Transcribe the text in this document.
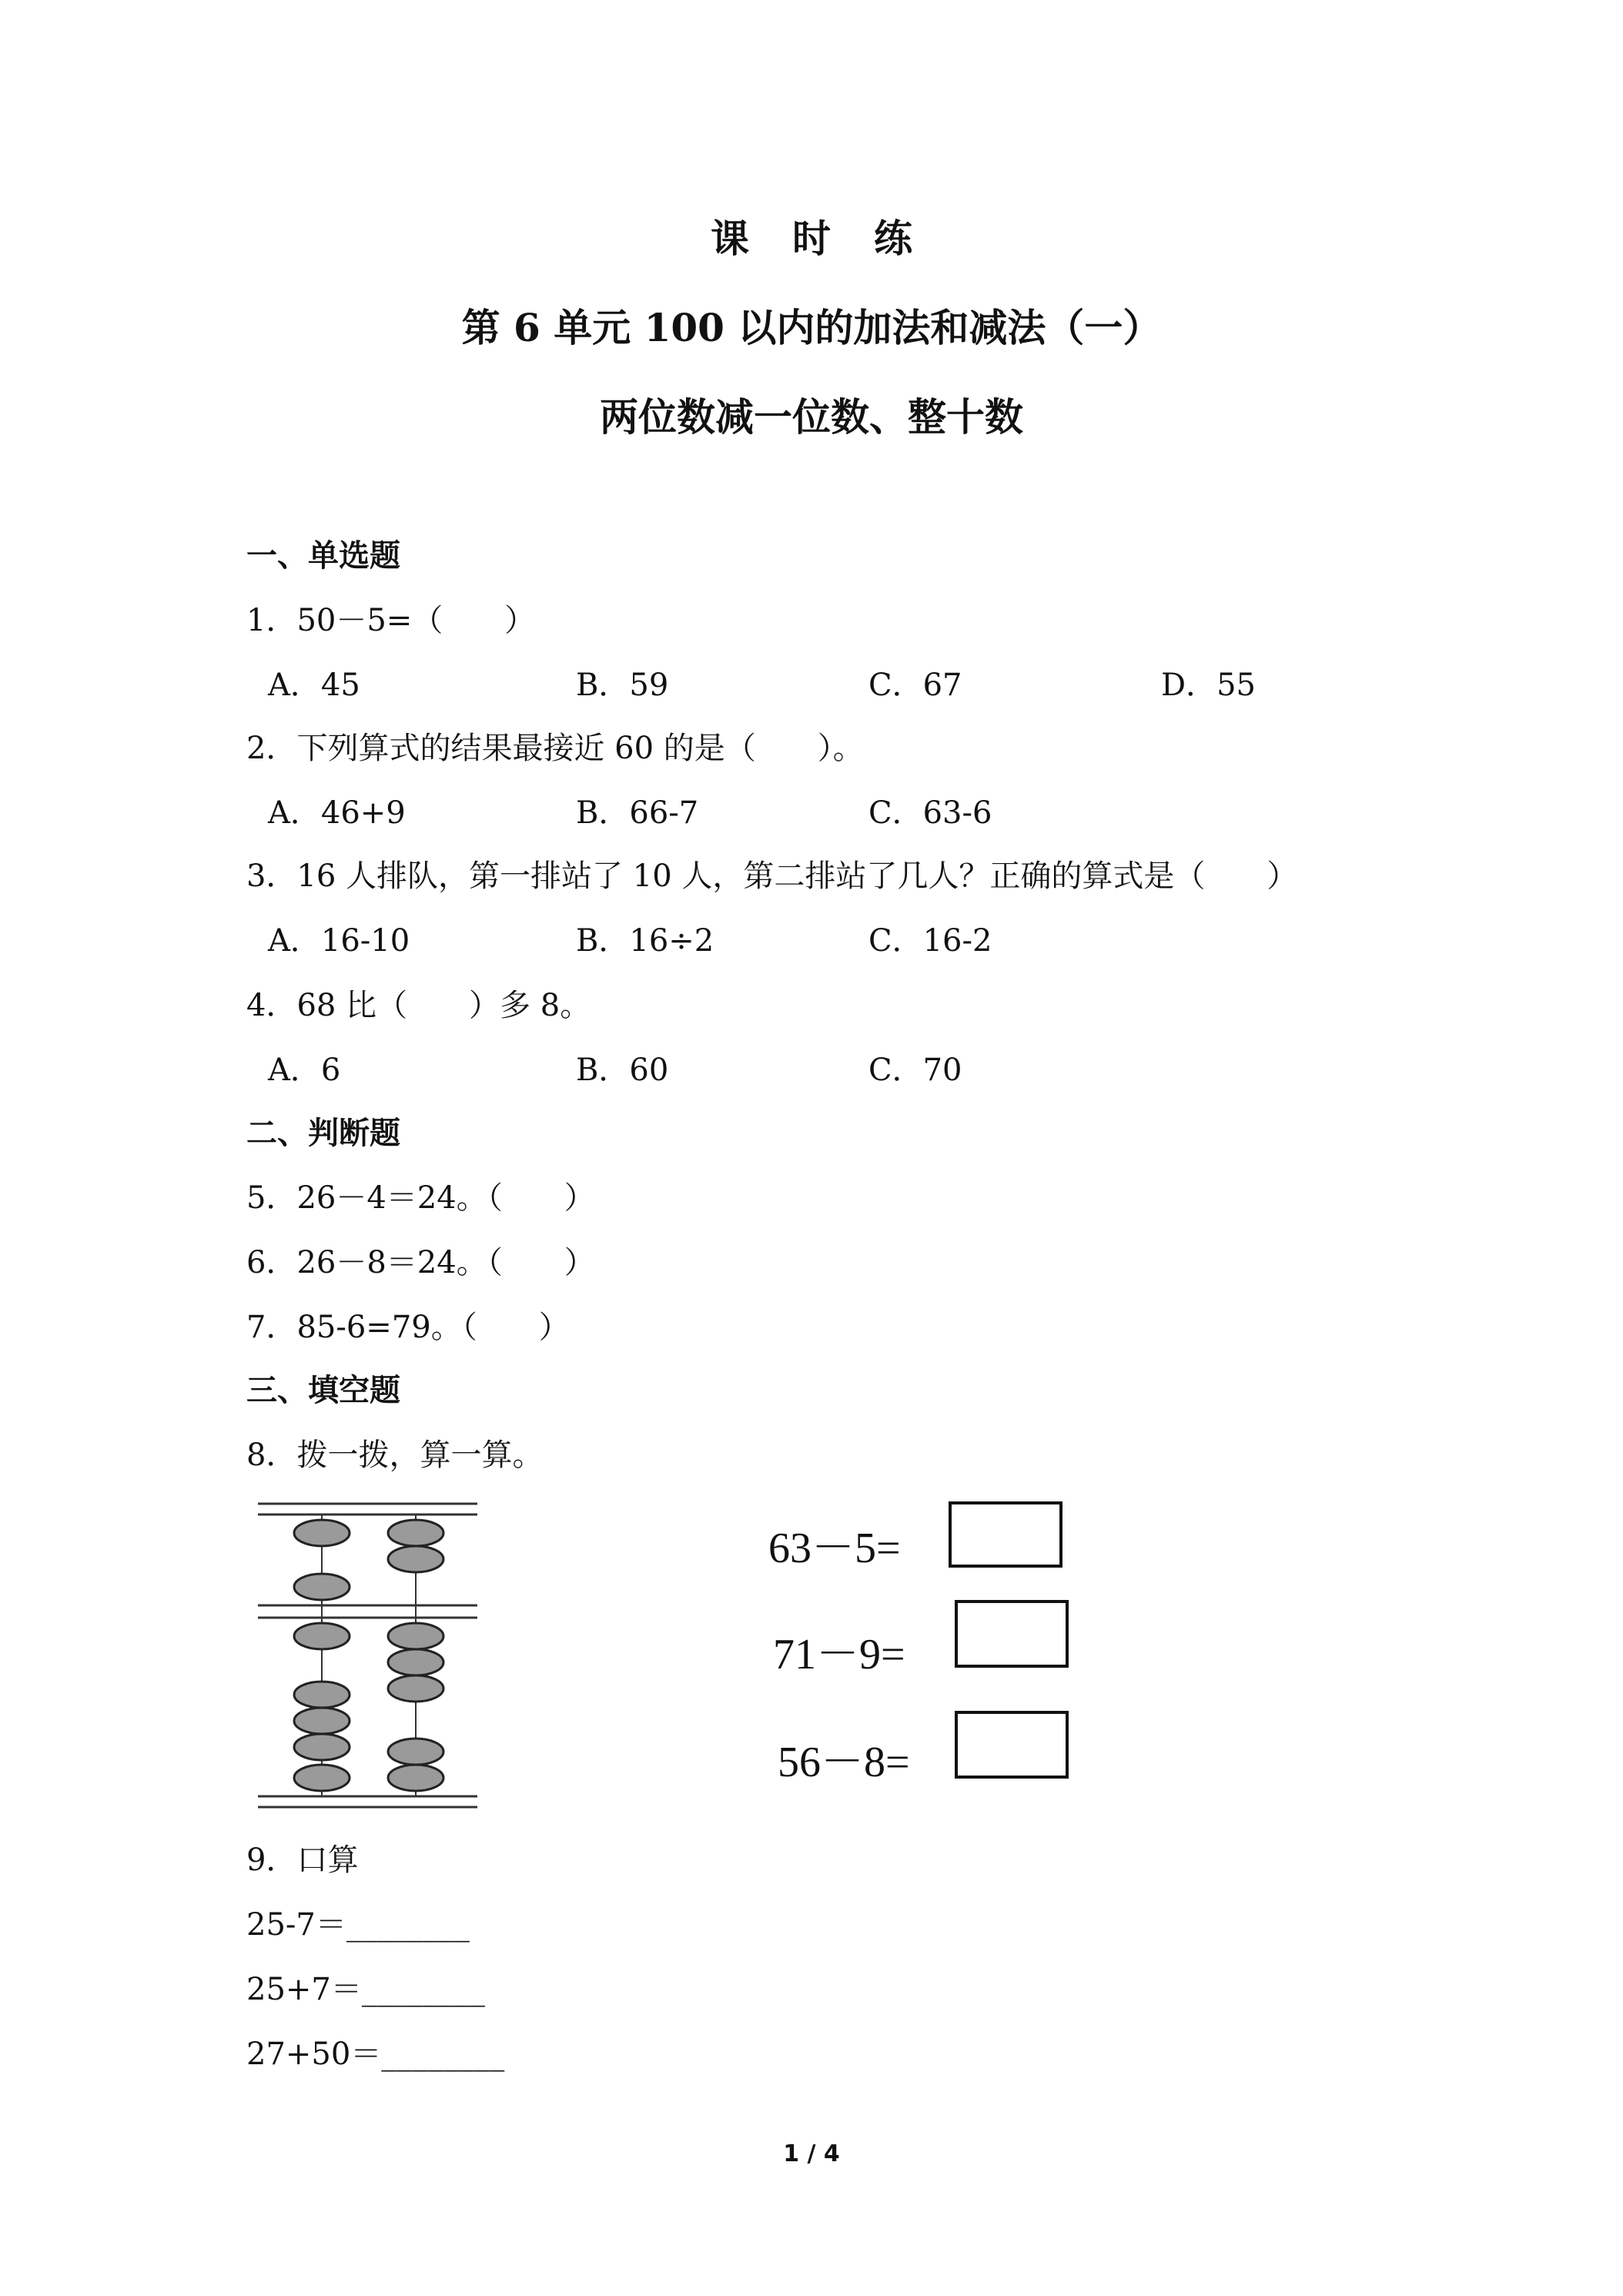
课时练
第 6 单元 100 以内的加法和减法（一）
两位数减一位数、整十数
一、单选题
1．50－5=（　　）
A．45	B．59	C．67	D．55
2．下列算式的结果最接近 60 的是（　　）。
A．46+9	B．66-7	C．63-6
3．16 人排队，第一排站了 10 人，第二排站了几人？正确的算式是（　　）
A．16-10	B．16÷2	C．16-2
4．68 比（　　）多 8。
A．6	B．60	C．70
二、判断题
5．26－4＝24。（　　）
6．26－8＝24。（　　）
7．85-6=79。（　　）
三、填空题
8．拨一拨，算一算。
63－5=
71－9=
56－8=
9．口算
25-7＝________
25+7＝________
27+50＝________
1 / 4
